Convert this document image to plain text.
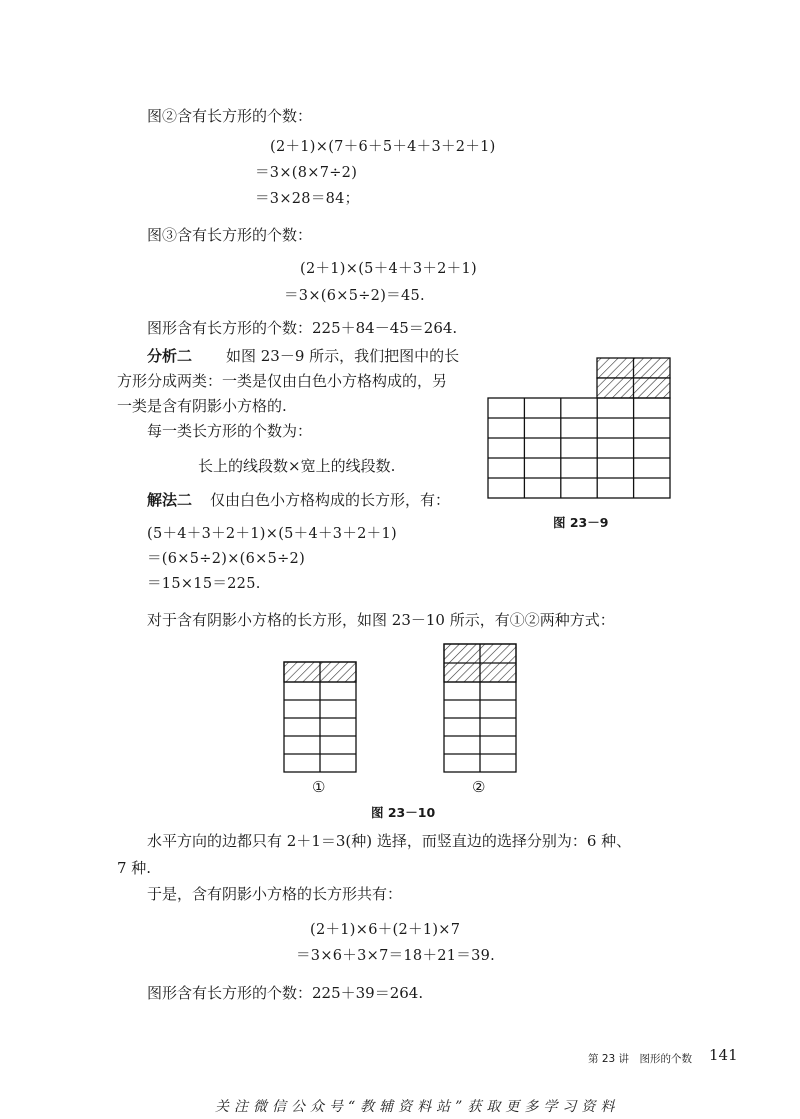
图②含有长方形的个数：
(2＋1)×(7＋6＋5＋4＋3＋2＋1)
＝3×(8×7÷2)
＝3×28＝84；
图③含有长方形的个数：
(2＋1)×(5＋4＋3＋2＋1)
＝3×(6×5÷2)＝45.
图形含有长方形的个数：225＋84－45＝264.
分析二 如图 23－9 所示，我们把图中的长
方形分成两类：一类是仅由白色小方格构成的，另
一类是含有阴影小方格的.
每一类长方形的个数为：
长上的线段数×宽上的线段数.
解法二 仅由白色小方格构成的长方形，有：
(5＋4＋3＋2＋1)×(5＋4＋3＋2＋1)
＝(6×5÷2)×(6×5÷2)
＝15×15＝225.
对于含有阴影小方格的长方形，如图 23－10 所示，有①②两种方式：
水平方向的边都只有 2＋1＝3(种) 选择，而竖直边的选择分别为：6 种、
7 种.
于是，含有阴影小方格的长方形共有：
(2＋1)×6＋(2＋1)×7
＝3×6＋3×7＝18＋21＝39.
图形含有长方形的个数：225＋39＝264.
图 23－9
①	②
图 23－10
第 23 讲　图形的个数 141
关注微信公众号“教辅资料站”获取更多学习资料
